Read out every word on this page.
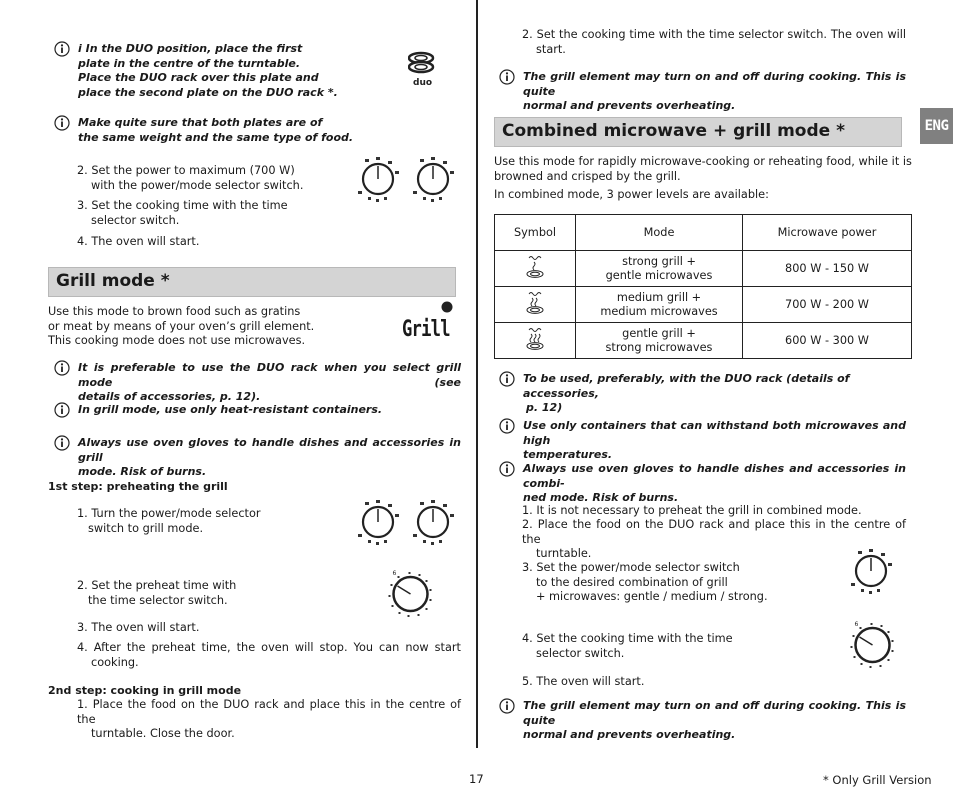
i In the DUO position, place the first
plate in the centre of the turntable.
Place the DUO rack over this plate and
place the second plate on the DUO rack *.
duo
Make quite sure that both plates are of
the same weight and the same type of food.
2. Set the power to maximum (700 W)
with the power/mode selector switch.
3. Set the cooking time with the time
selector switch.
4. The oven will start.
Grill mode *
Use this mode to brown food such as gratins
or meat by means of your oven’s grill element.
This cooking mode does not use microwaves.	Grill
It is preferable to use the DUO rack when you select grill mode (see
details of accessories, p. 12).
In grill mode, use only heat-resistant containers.
Always use oven gloves to handle dishes and accessories in grill
mode. Risk of burns.
1st step: preheating the grill
1. Turn the power/mode selector
switch to grill mode.
2. Set the preheat time with
the time selector switch.
3. The oven will start.
4. After the preheat time, the oven will stop. You can now start
cooking.
2nd step: cooking in grill mode
1. Place the food on the DUO rack and place this in the centre of the
turntable. Close the door.
2. Set the cooking time with the time selector switch. The oven will
start.
The grill element may turn on and off during cooking. This is quite
normal and prevents overheating.
Combined microwave + grill mode *	ENG
Use this mode for rapidly microwave-cooking or reheating food, while it is
browned and crisped by the grill.
In combined mode, 3 power levels are available:
Symbol	Mode	Microwave power

strong grill +
gentle microwaves	800 W - 150 W

medium grill +
medium microwaves	700 W - 200 W

gentle grill +
strong microwaves	600 W - 300 W
To be used, preferably, with the DUO rack (details of accessories,
p. 12)
Use only containers that can withstand both microwaves and high
temperatures.
Always use oven gloves to handle dishes and accessories in combi-
ned mode. Risk of burns.
1. It is not necessary to preheat the grill in combined mode.
2. Place the food on the DUO rack and place this in the centre of the
turntable.
3. Set the power/mode selector switch
to the desired combination of grill
+ microwaves: gentle / medium / strong.
4. Set the cooking time with the time
selector switch.
5. The oven will start.
The grill element may turn on and off during cooking. This is quite
normal and prevents overheating.
17	* Only Grill Version
